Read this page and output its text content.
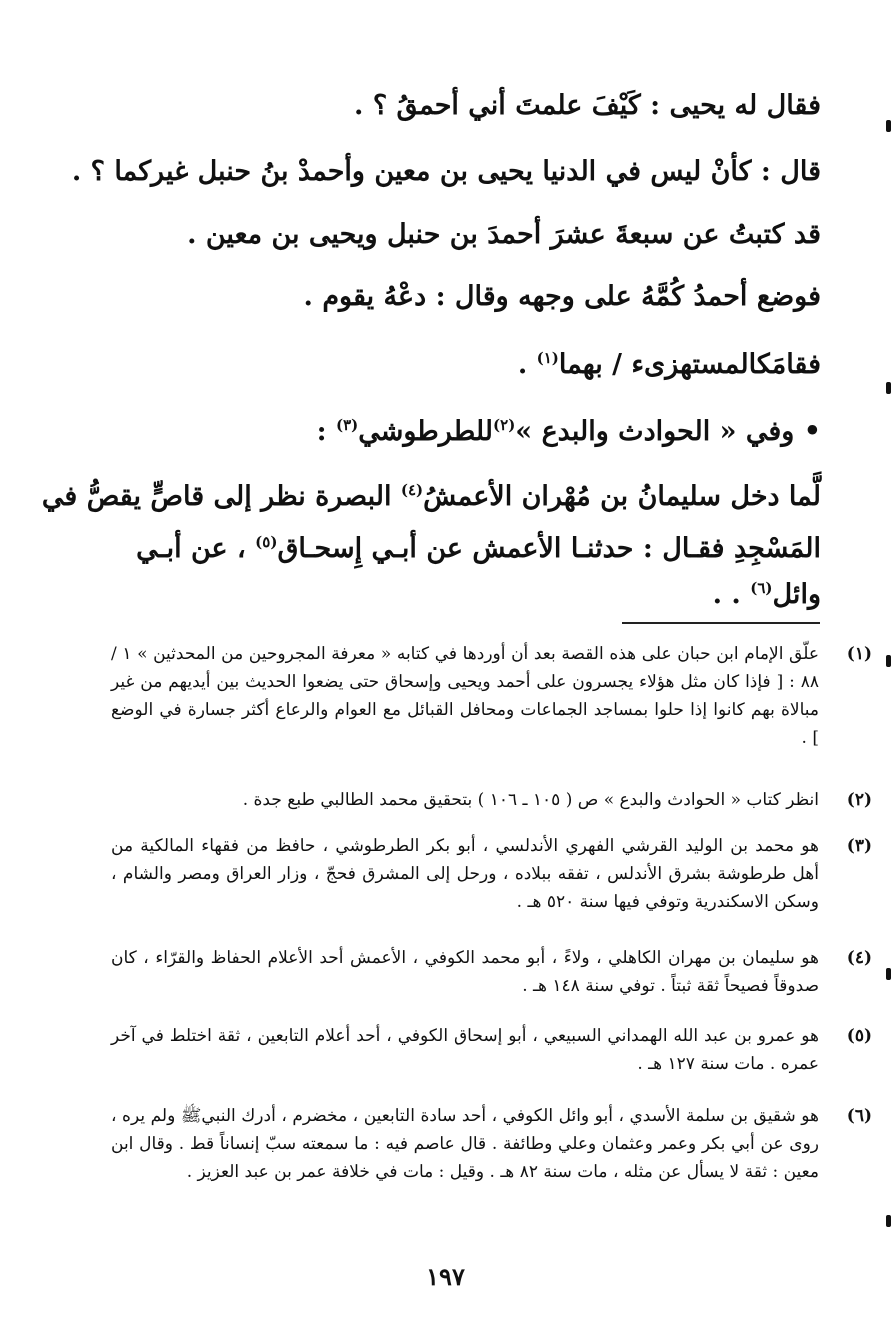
فقال له يحيى : كَيْفَ علمتَ أني أحمقُ ؟ .
قال : كأنْ ليس في الدنيا يحيى بن معين وأحمدْ بنُ حنبل غيركما ؟ .
قد كتبتُ عن سبعةَ عشرَ أحمدَ بن حنبل ويحيى بن معين .
فوضع أحمدُ كُمَّهُ على وجهه وقال : دعْهُ يقوم .
فقامَكالمستهزىء / بهما$^{(١)}$ .
• وفي « الحوادث والبدع »$^{(٢)}$للطرطوشي$^{(٣)}$ :
لَّما دخل سليمانُ بن مُهْران الأعمشُ$^{(٤)}$ البصرة نظر إلى قاصٍّ يقصُّ في
المَسْجِدِ فقـال : حدثنـا الأعمش عن أبـي إِسحـاق$^{(٥)}$ ، عن أبـي
وائل$^{(٦)}$ . .
(١)
علّق الإمام ابن حبان على هذه القصة بعد أن أوردها في كتابه « معرفة المجروحين من المحدثين » ١ / ٨٨ : [ فإذا كان مثل هؤلاء يجسرون على أحمد ويحيى وإسحاق حتى يضعوا الحديث بين أيديهم من غير مبالاة بهم كانوا إذا حلوا بمساجد الجماعات ومحافل القبائل مع العوام والرعاع أكثر جسارة في الوضع ] .
(٢)
انظر كتاب « الحوادث والبدع » ص ( ١٠٥ ـ ١٠٦ ) بتحقيق محمد الطالبي طبع جدة .
(٣)
هو محمد بن الوليد القرشي الفهري الأندلسي ، أبو بكر الطرطوشي ، حافظ من فقهاء المالكية من أهل طرطوشة بشرق الأندلس ، تفقه ببلاده ، ورحل إلى المشرق فحجّ ، وزار العراق ومصر والشام ، وسكن الاسكندرية وتوفي فيها سنة ٥٢٠ هـ .
(٤)
هو سليمان بن مهران الكاهلي ، ولاءً ، أبو محمد الكوفي ، الأعمش أحد الأعلام الحفاظ والقرّاء ، كان صدوقاً فصيحاً ثقة ثبتاً . توفي سنة ١٤٨ هـ .
(٥)
هو عمرو بن عبد الله الهمداني السبيعي ، أبو إسحاق الكوفي ، أحد أعلام التابعين ، ثقة اختلط في آخر عمره . مات سنة ١٢٧ هـ .
(٦)
هو شقيق بن سلمة الأسدي ، أبو وائل الكوفي ، أحد سادة التابعين ، مخضرم ، أدرك النبيﷺ ولم يره ، روى عن أبي بكر وعمر وعثمان وعلي وطائفة . قال عاصم فيه : ما سمعته سبّ إنساناً قط . وقال ابن معين : ثقة لا يسأل عن مثله ، مات سنة ٨٢ هـ . وقيل : مات في خلافة عمر بن عبد العزيز .
١٩٧
